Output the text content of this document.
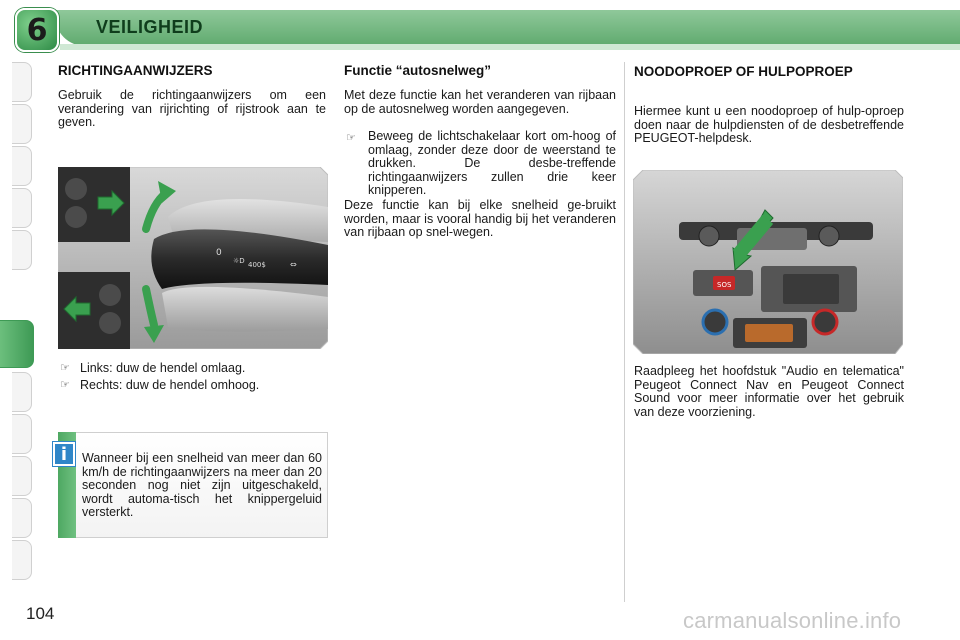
6	VEILIGHEID
RICHTINGAANWIJZERS

Gebruik de richtingaanwijzers om een verandering van rijrichting of rijstrook aan te geven.

0
☼D 400$	⇔
☞ Links: duw de hendel omlaag.
☞ Rechts: duw de hendel omhoog.
i	Wanneer bij een snelheid van meer dan 60 km/h de richtingaanwijzers na meer dan 20 seconden nog niet zijn uitgeschakeld, wordt automa-tisch het knippergeluid versterkt.

Functie “autosnelweg”

Met deze functie kan het veranderen van rijbaan op de autosnelweg worden aangegeven.

☞ Beweeg de lichtschakelaar kort om-hoog of omlaag, zonder deze door de weerstand te drukken. De desbe-treffende richtingaanwijzers zullen drie keer knipperen.

Deze functie kan bij elke snelheid ge-bruikt worden, maar is vooral handig bij het veranderen van rijbaan op snel-wegen.

NOODOPROEP OF HULPOPROEP

Hiermee kunt u een noodoproep of hulp-oproep doen naar de hulpdiensten of de desbetreffende PEUGEOT-helpdesk.

SOS

Raadpleeg het hoofdstuk "Audio en telematica" Peugeot Connect Nav en Peugeot Connect Sound voor meer informatie over het gebruik van deze voorziening.

104	carmanualsonline.info
